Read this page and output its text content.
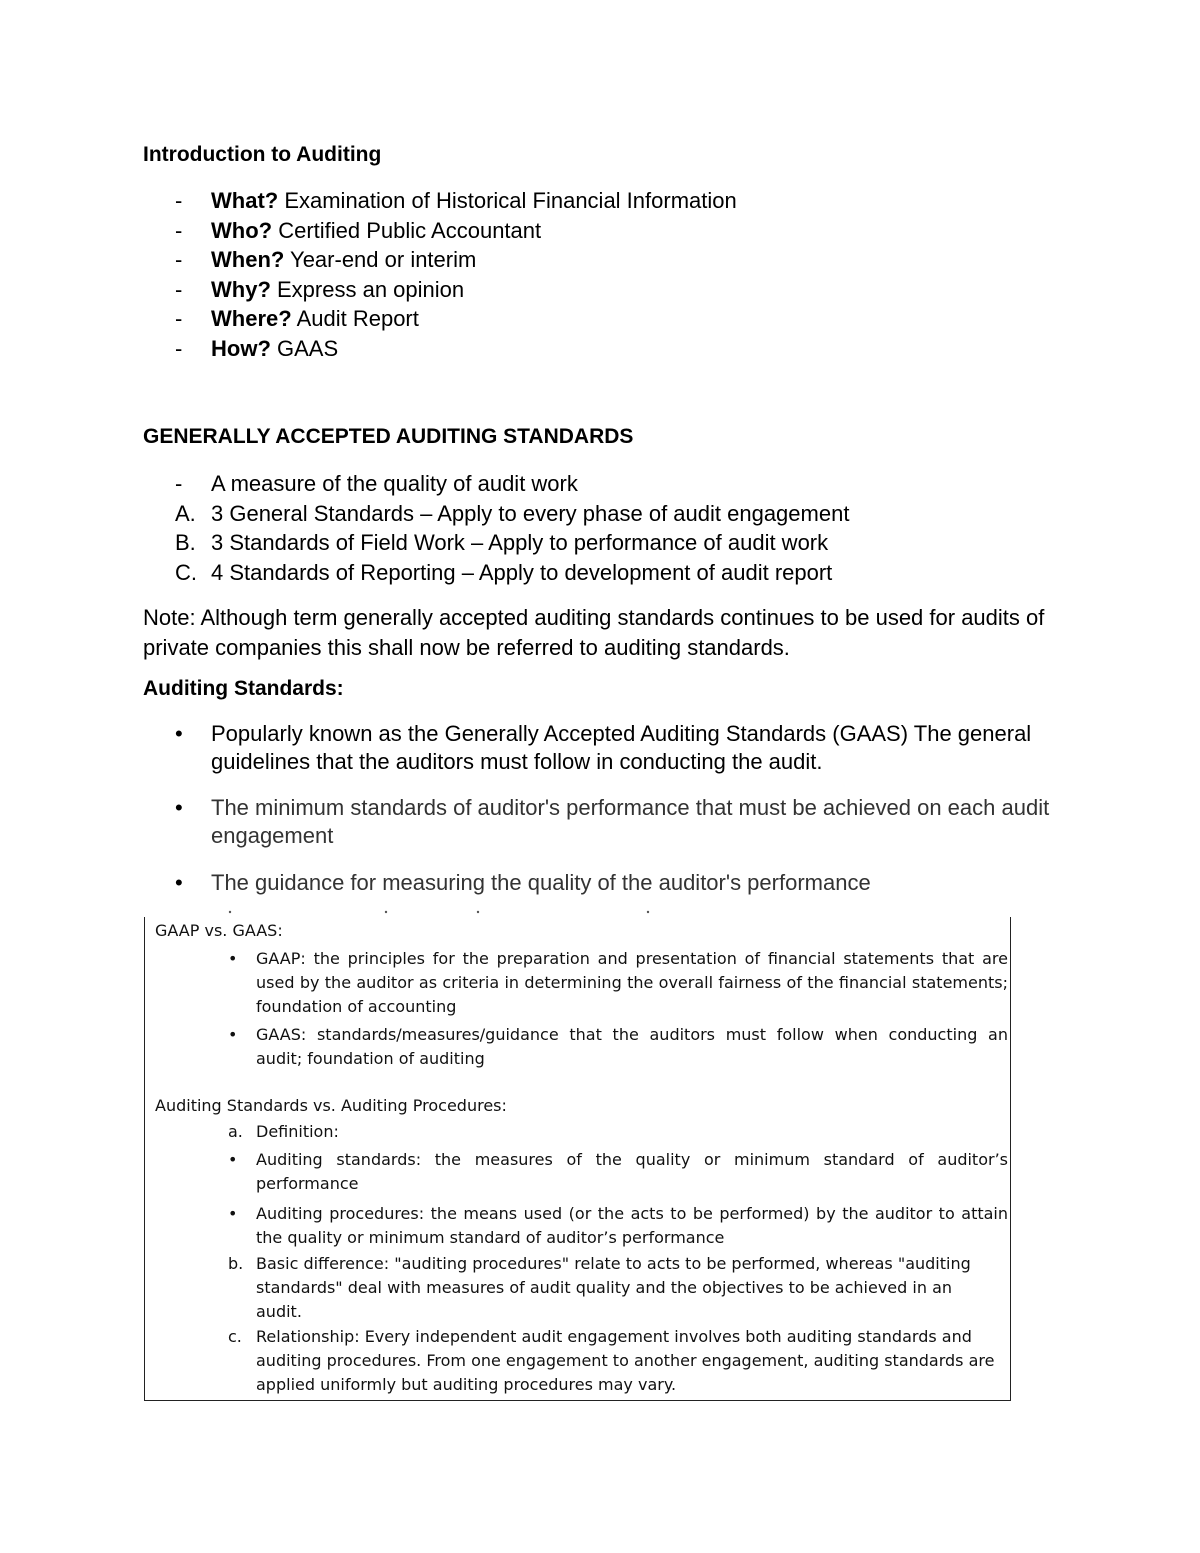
Introduction to Auditing
-	What? Examination of Historical Financial Information
-	Who? Certified Public Accountant
-	When? Year-end or interim
-	Why? Express an opinion
-	Where? Audit Report
-	How? GAAS
GENERALLY ACCEPTED AUDITING STANDARDS
-	A measure of the quality of audit work
A. 3 General Standards – Apply to every phase of audit engagement
B. 3 Standards of Field Work – Apply to performance of audit work
C. 4 Standards of Reporting – Apply to development of audit report

Note: Although term generally accepted auditing standards continues to be used for audits of private companies this shall now be referred to auditing standards.

Auditing Standards:
•	Popularly known as the Generally Accepted Auditing Standards (GAAS) The general guidelines that the auditors must follow in conducting the audit.
•	The minimum standards of auditor's performance that must be achieved on each audit engagement
•	The guidance for measuring the quality of the auditor's performance
GAAP vs. GAAS:
• GAAP: the principles for the preparation and presentation of financial statements that are used by the auditor as criteria in determining the overall fairness of the financial statements; foundation of accounting
• GAAS: standards/measures/guidance that the auditors must follow when conducting an audit; foundation of auditing
Auditing Standards vs. Auditing Procedures:
a. Definition:
• Auditing standards: the measures of the quality or minimum standard of auditor’s performance
• Auditing procedures: the means used (or the acts to be performed) by the auditor to attain the quality or minimum standard of auditor’s performance
b. Basic difference: "auditing procedures" relate to acts to be performed, whereas "auditing standards" deal with measures of audit quality and the objectives to be achieved in an audit.
c. Relationship: Every independent audit engagement involves both auditing standards and auditing procedures. From one engagement to another engagement, auditing standards are applied uniformly but auditing procedures may vary.
